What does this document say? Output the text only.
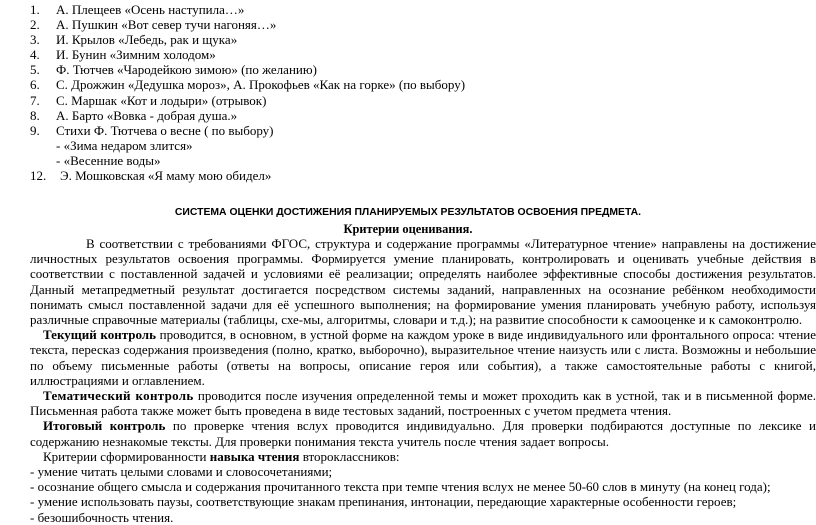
1. А. Плещеев «Осень наступила…»
2. А. Пушкин «Вот север тучи нагоняя…»
3. И. Крылов «Лебедь, рак и щука»
4. И. Бунин «Зимним холодом»
5. Ф. Тютчев «Чародейкою зимою» (по желанию)
6. С. Дрожжин «Дедушка мороз», А. Прокофьев «Как на горке» (по выбору)
7. С. Маршак «Кот и лодыри» (отрывок)
8. А. Барто «Вовка - добрая душа.»
9. Стихи Ф. Тютчева о весне ( по выбору)
- «Зима недаром злится»
- «Весенние воды»
12. Э. Мошковская «Я маму мою обидел»
СИСТЕМА ОЦЕНКИ ДОСТИЖЕНИЯ ПЛАНИРУЕМЫХ РЕЗУЛЬТАТОВ ОСВОЕНИЯ ПРЕДМЕТА.
Критерии оценивания.

В соответствии с требованиями ФГОС, структура и содержание программы «Литературное чтение» направлены на достижение личностных результатов освоения программы. Формируется умение планировать, контролировать и оценивать учебные действия в соответствии с поставленной задачей и условиями её реализации; определять наиболее эффективные способы достижения результатов. Данный метапредметный результат достигается посредством системы заданий, направленных на осознание ребёнком необходимости понимать смысл поставленной задачи для её успешного выполнения; на формирование умения планировать учебную работу, используя различные справочные материалы (таблицы, схе-мы, алгоритмы, словари и т.д.); на развитие способности к самооценке и к самоконтролю.

Текущий контроль проводится, в основном, в устной форме на каждом уроке в виде индивидуального или фронтального опроса: чтение текста, пересказ содержания произведения (полно, кратко, выборочно), выразительное чтение наизусть или с листа. Возможны и небольшие по объему письменные работы (ответы на вопросы, описание героя или события), а также самостоятельные работы с книгой, иллюстрациями и оглавлением.

Тематический контроль проводится после изучения определенной темы и может проходить как в устной, так и в письменной форме. Письменная работа также может быть проведена в виде тестовых заданий, построенных с учетом предмета чтения.

Итоговый контроль по проверке чтения вслух проводится индивидуально. Для проверки подбираются доступные по лексике и содержанию незнакомые тексты. Для проверки понимания текста учитель после чтения задает вопросы.

Критерии сформированности навыка чтения второклассников:

- умение читать целыми словами и словосочетаниями;

- осознание общего смысла и содержания прочитанного текста при темпе чтения вслух не менее 50-60 слов в минуту (на конец года);

- умение использовать паузы, соответствующие знакам препинания, интонации, передающие характерные особенности героев;

- безошибочность чтения.
